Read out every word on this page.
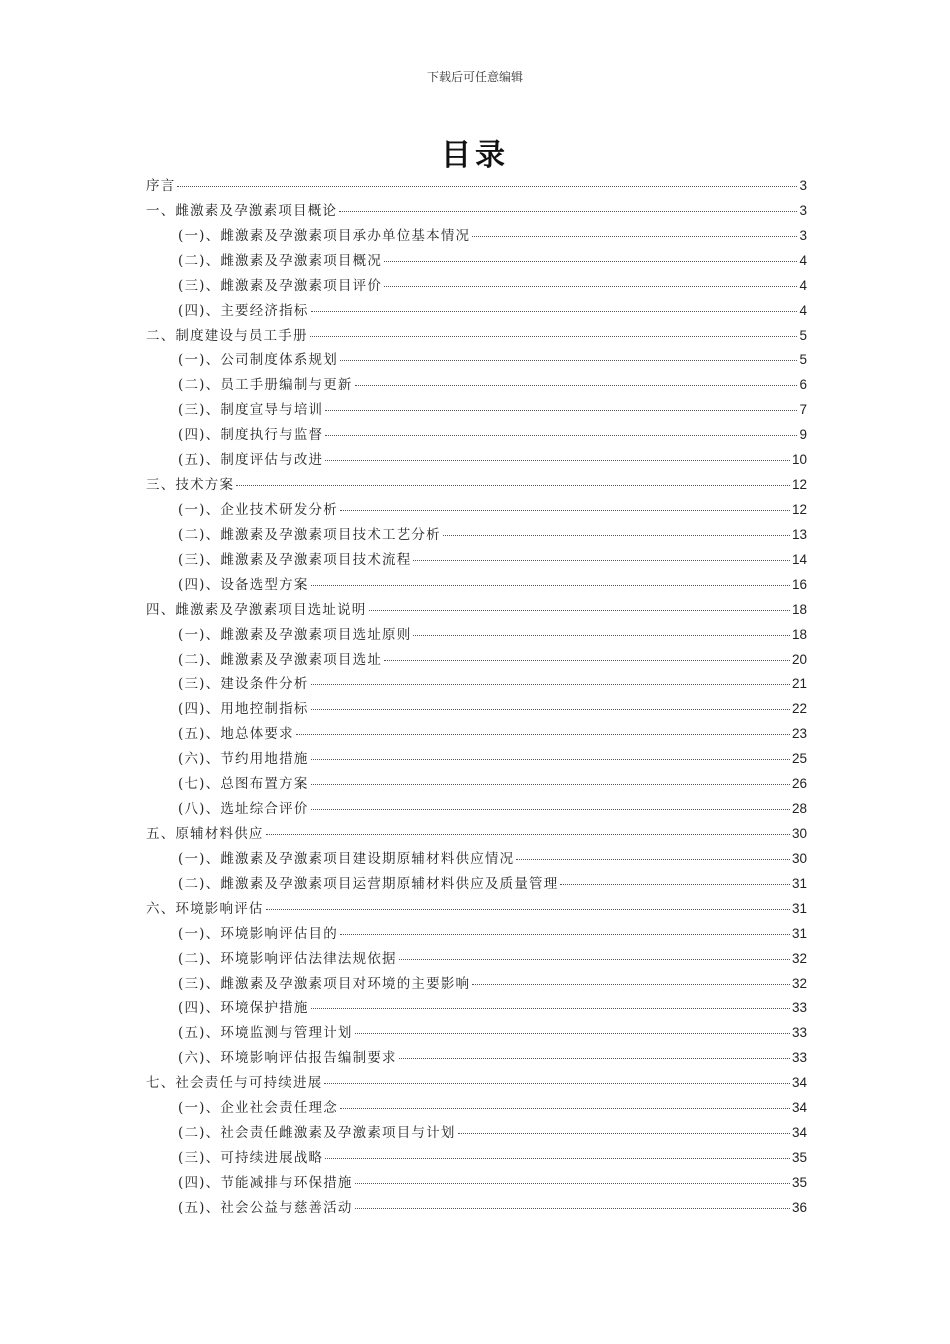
下载后可任意编辑
目录
序言	3
一、雌激素及孕激素项目概论	3
(一)、雌激素及孕激素项目承办单位基本情况	3
(二)、雌激素及孕激素项目概况	4
(三)、雌激素及孕激素项目评价	4
(四)、主要经济指标	4
二、制度建设与员工手册	5
(一)、公司制度体系规划	5
(二)、员工手册编制与更新	6
(三)、制度宣导与培训	7
(四)、制度执行与监督	9
(五)、制度评估与改进	10
三、技术方案	12
(一)、企业技术研发分析	12
(二)、雌激素及孕激素项目技术工艺分析	13
(三)、雌激素及孕激素项目技术流程	14
(四)、设备选型方案	16
四、雌激素及孕激素项目选址说明	18
(一)、雌激素及孕激素项目选址原则	18
(二)、雌激素及孕激素项目选址	20
(三)、建设条件分析	21
(四)、用地控制指标	22
(五)、地总体要求	23
(六)、节约用地措施	25
(七)、总图布置方案	26
(八)、选址综合评价	28
五、原辅材料供应	30
(一)、雌激素及孕激素项目建设期原辅材料供应情况	30
(二)、雌激素及孕激素项目运营期原辅材料供应及质量管理	31
六、环境影响评估	31
(一)、环境影响评估目的	31
(二)、环境影响评估法律法规依据	32
(三)、雌激素及孕激素项目对环境的主要影响	32
(四)、环境保护措施	33
(五)、环境监测与管理计划	33
(六)、环境影响评估报告编制要求	33
七、社会责任与可持续进展	34
(一)、企业社会责任理念	34
(二)、社会责任雌激素及孕激素项目与计划	34
(三)、可持续进展战略	35
(四)、节能减排与环保措施	35
(五)、社会公益与慈善活动	36
